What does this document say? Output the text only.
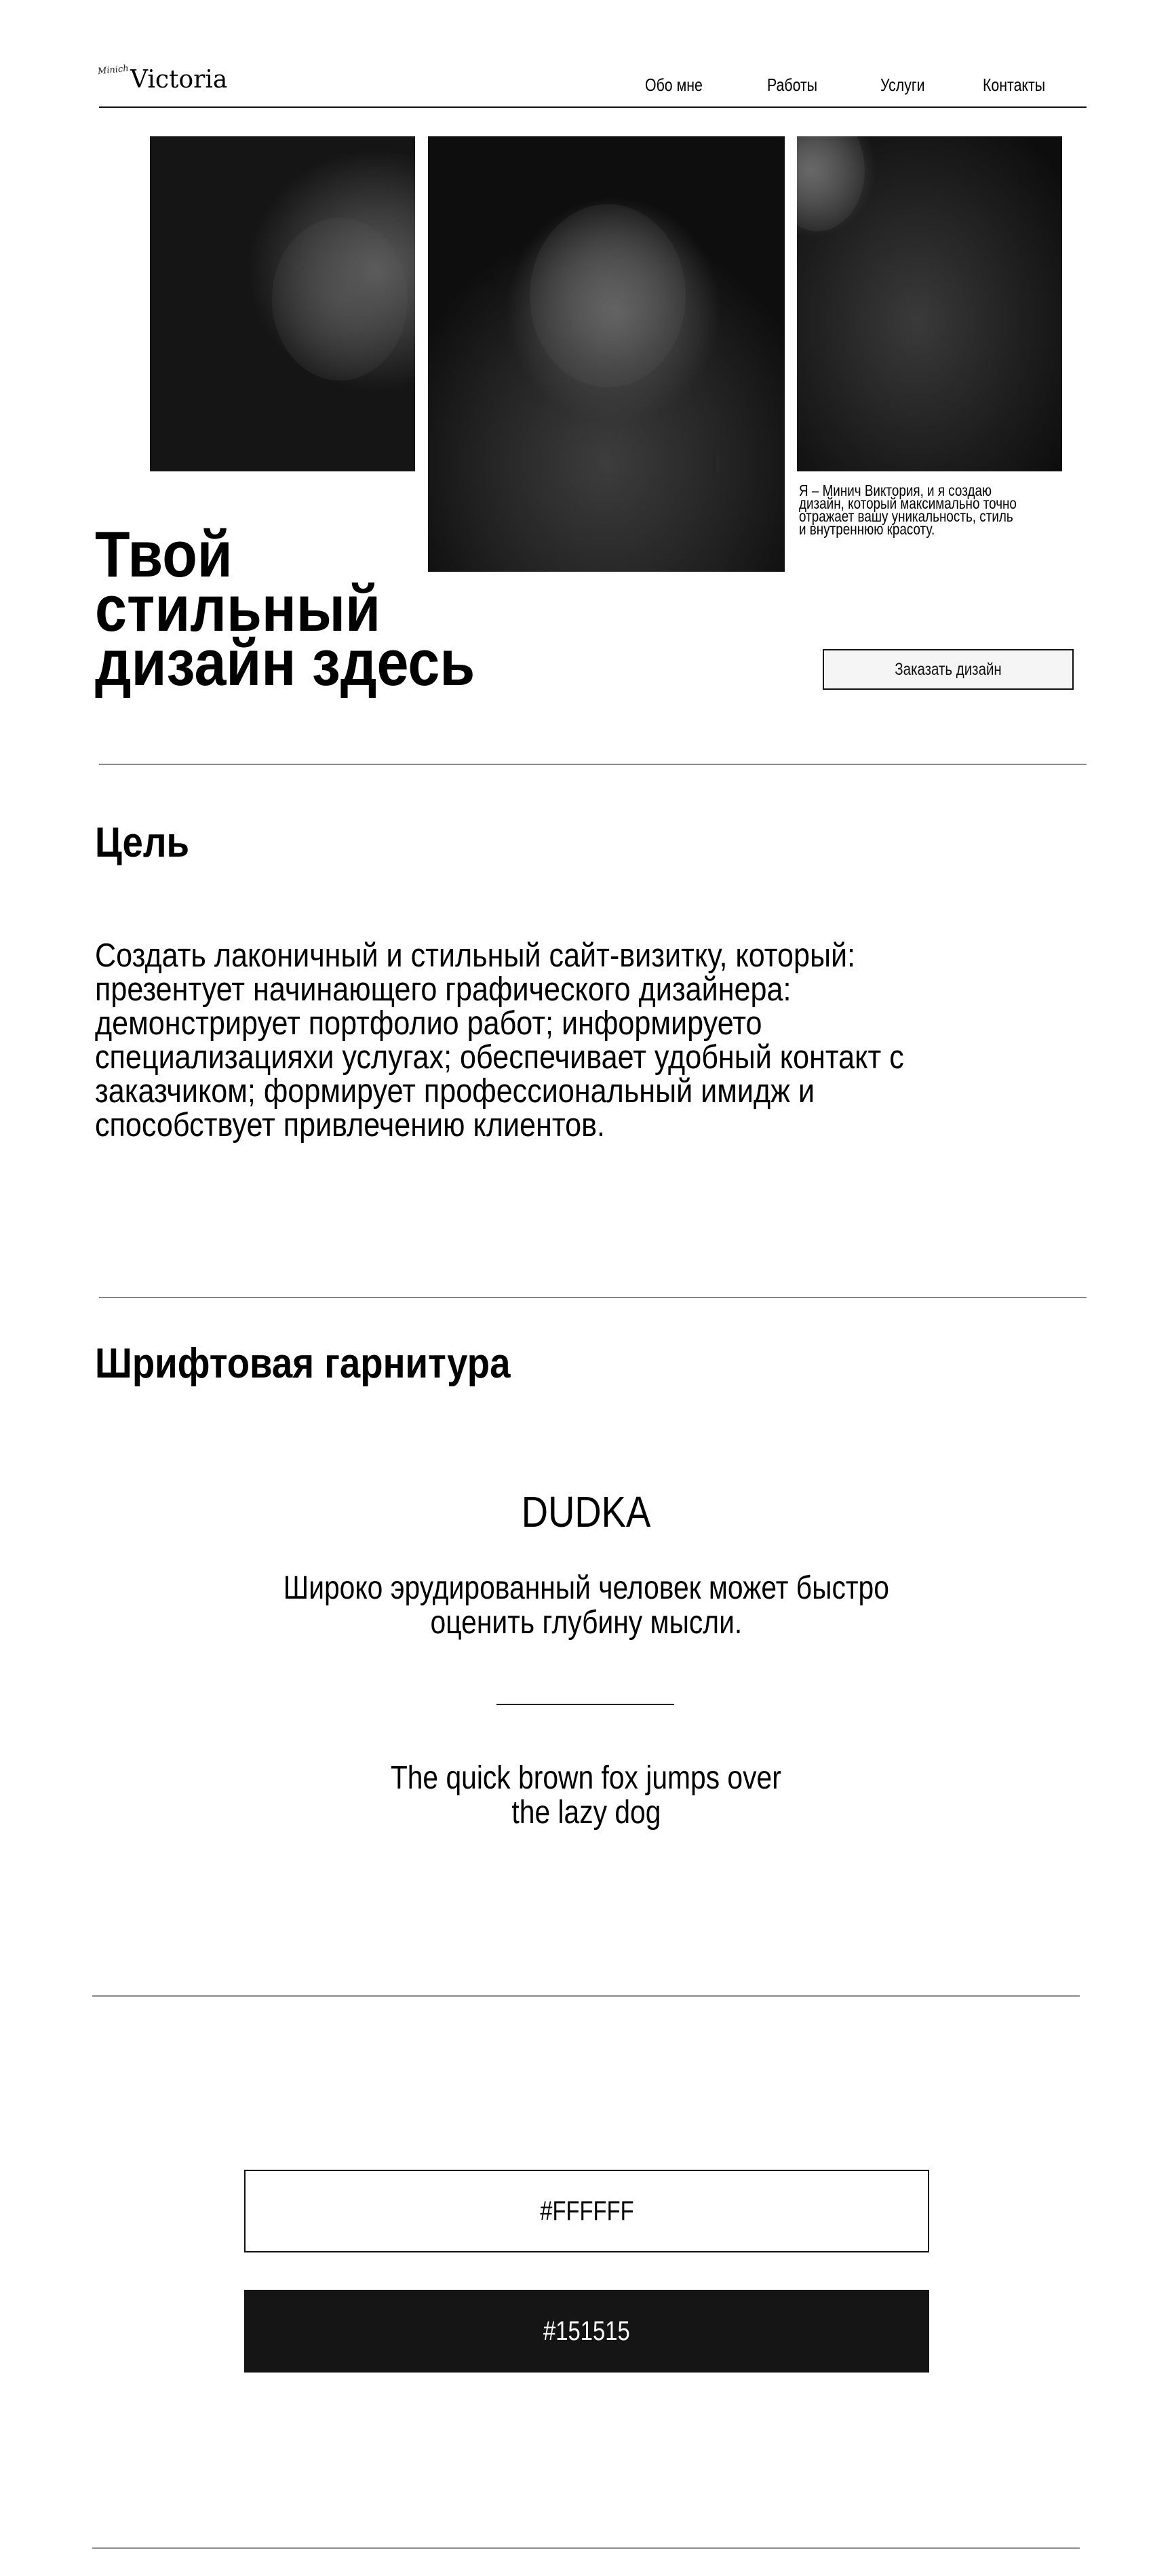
Minich Victoria	Обо мне	Работы	Услуги	Контакты
Я – Минич Виктория, и я создаю
дизайн, который максимально точно
отражает вашу уникальность, стиль
и внутреннюю красоту.
Твой
стильный
дизайн здесь	Заказать дизайн
Цель
Создать лаконичный и стильный сайт-визитку, который:
презентует начинающего графического дизайнера:
демонстрирует портфолио работ; информируето
специализацияхи услугах; обеспечивает удобный контакт с
заказчиком; формирует профессиональный имидж и
способствует привлечению клиентов.
Шрифтовая гарнитура
DUDKA
Широко эрудированный человек может быстро
оценить глубину мысли.
The quick brown fox jumps over
the lazy dog
#FFFFFF
#151515
